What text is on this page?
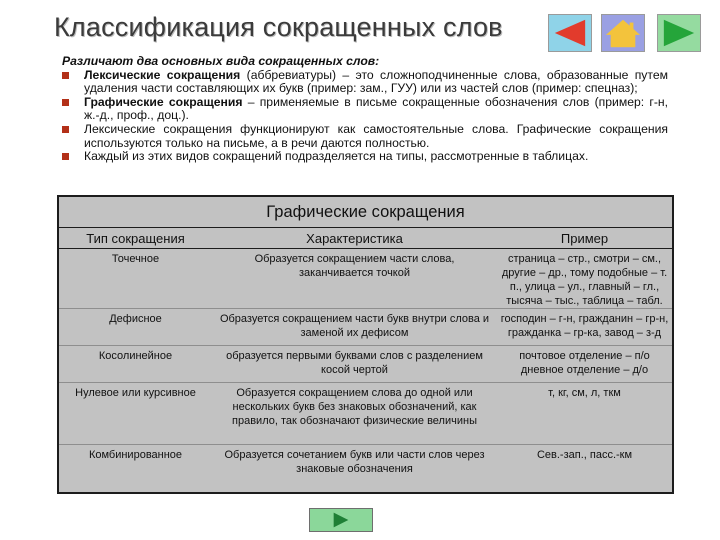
Классификация сокращенных слов
Различают два основных вида сокращенных слов:
Лексические сокращения (аббревиатуры) – это сложноподчиненные слова, образованные путем удаления части составляющих их букв (пример: зам., ГУУ) или из частей слов (пример: спецназ);
Графические сокращения – применяемые в письме сокращенные обозначения слов (пример: г-н, ж.-д., проф., доц.).
Лексические сокращения функционируют как самостоятельные слова. Графические сокращения используются только на письме, а в речи даются полностью.
Каждый из этих видов сокращений подразделяется на типы, рассмотренные в таблицах.
Графические сокращения
Тип сокращения	Характеристика	Пример
Точечное	Образуется сокращением части слова, заканчивается точкой	страница – стр., смотри – см., другие – др., тому подобные – т. п., улица – ул., главный – гл., тысяча – тыс., таблица – табл.
Дефисное	Образуется сокращением части букв внутри слова и заменой их дефисом	господин – г-н, гражданин – гр-н, гражданка – гр-ка, завод – з-д
Косолинейное	образуется первыми буквами слов с разделением косой чертой	почтовое отделение – п/о дневное отделение – д/о
Нулевое или курсивное	Образуется сокращением слова до одной или нескольких букв без знаковых обозначений, как правило, так обозначают физические величины	т, кг, см, л, ткм
Комбинированное	Образуется сочетанием букв или части слов через знаковые обозначения	Сев.-зап., пасс.-км
